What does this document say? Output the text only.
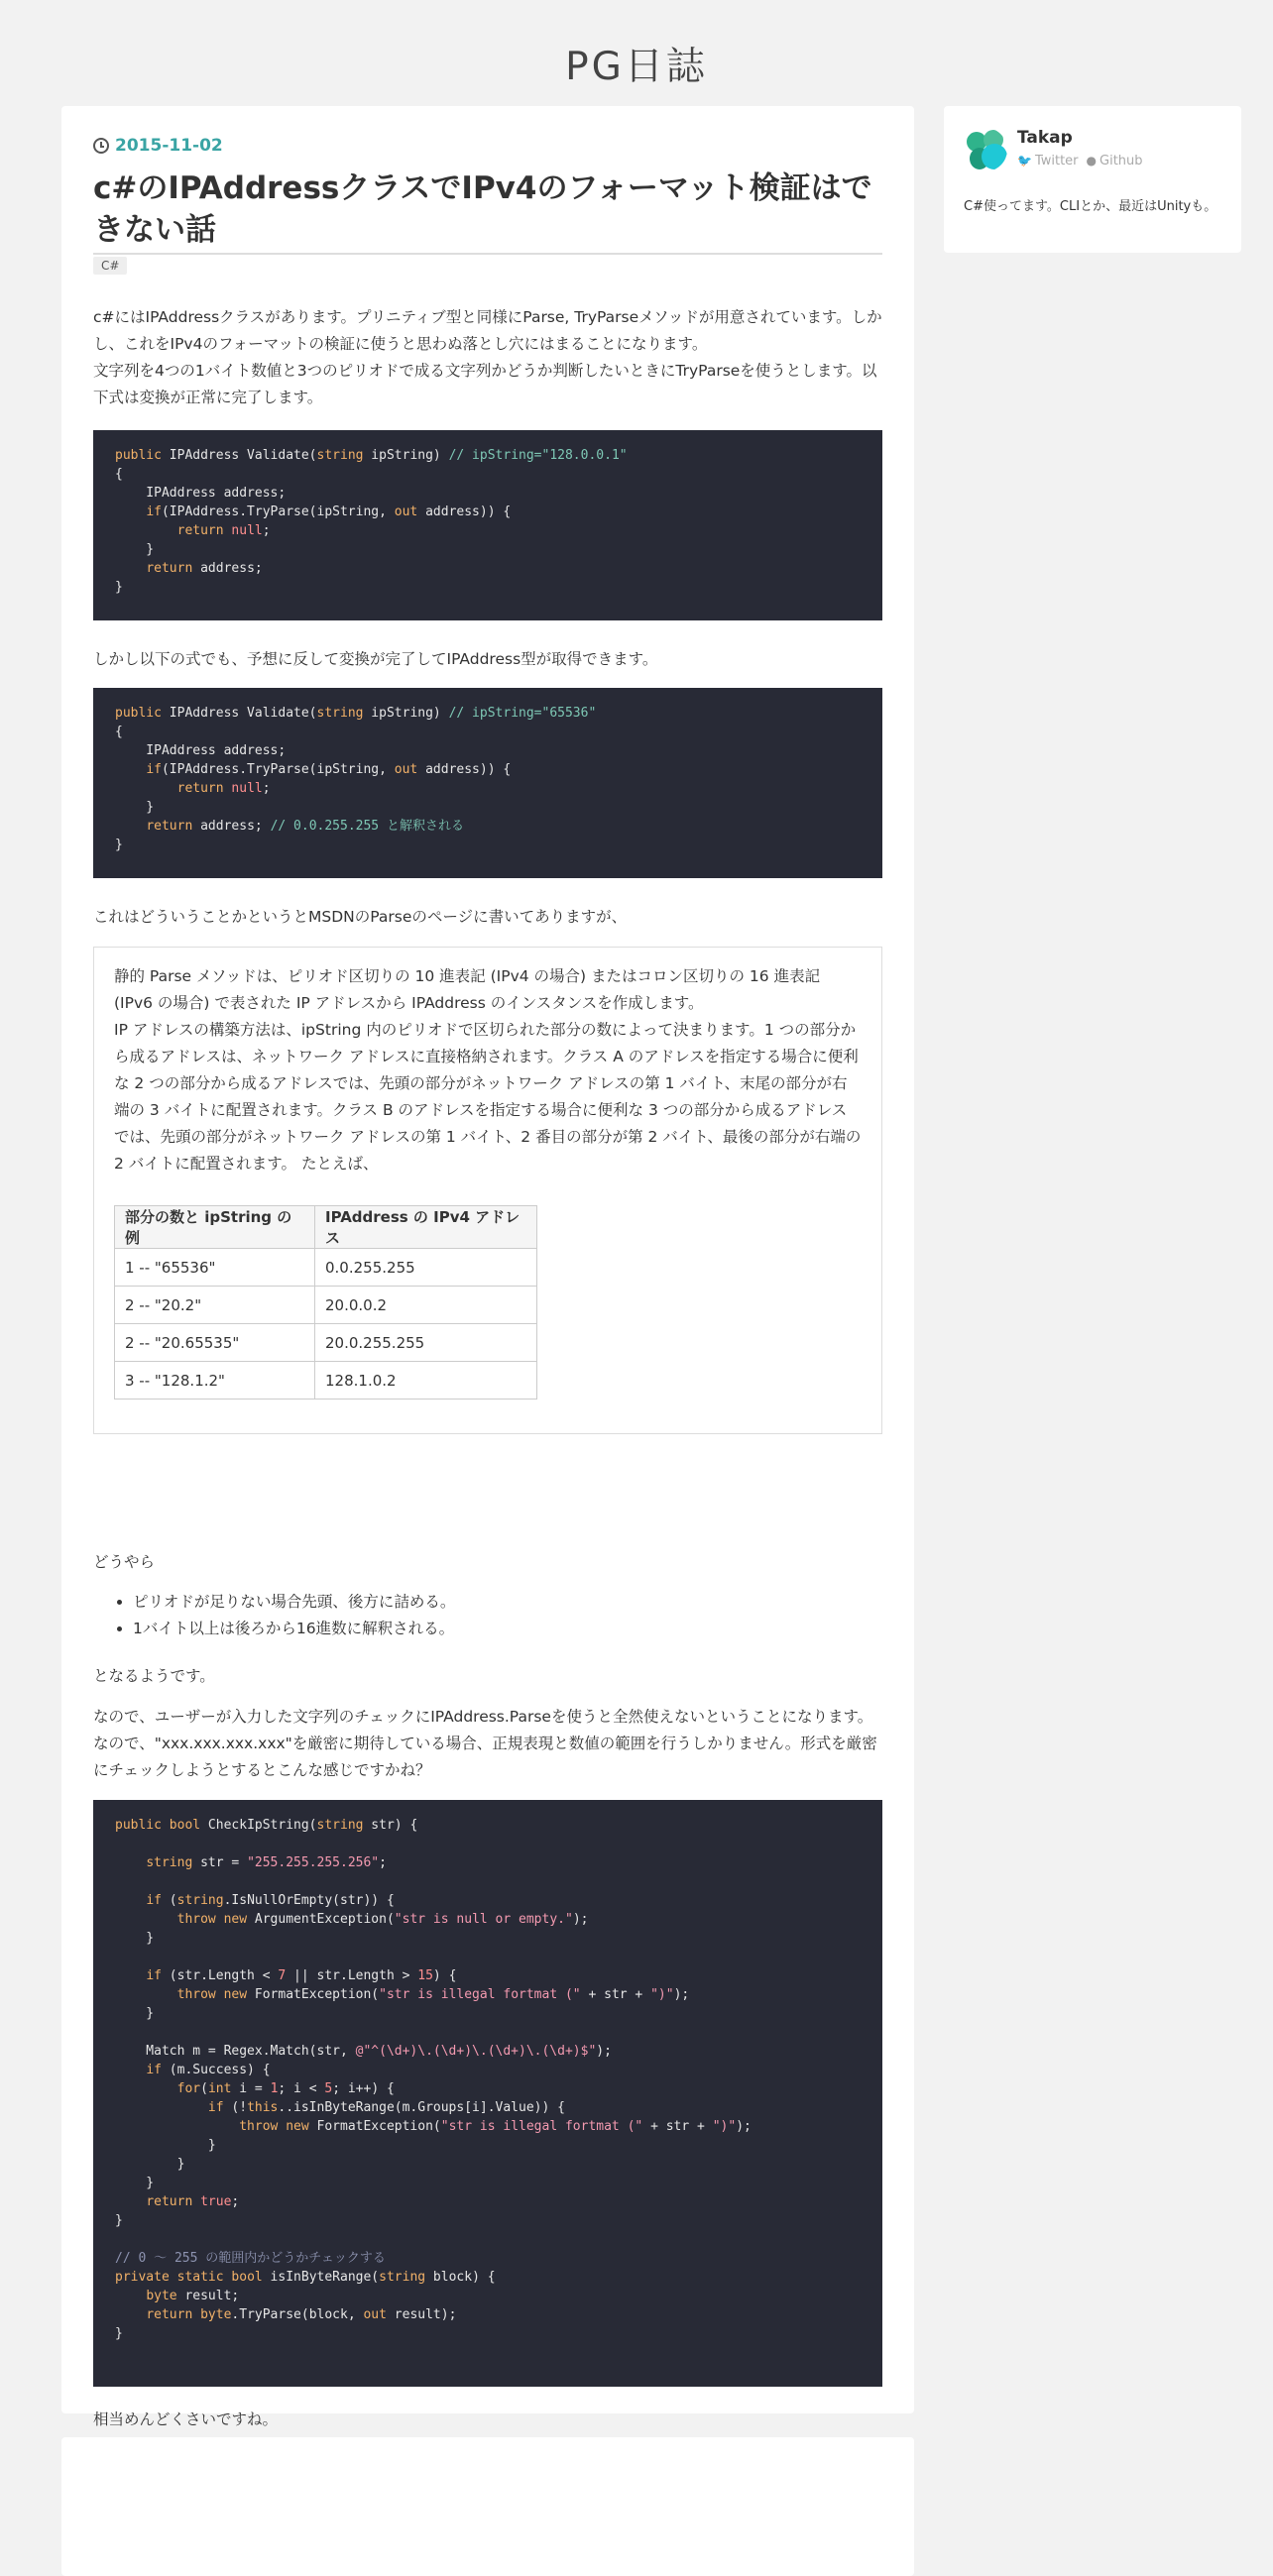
PG日誌
2015-11-02
c#のIPAddressクラスでIPv4のフォーマット検証はできない話
C#
c#にはIPAddressクラスがあります。プリニティブ型と同様にParse, TryParseメソッドが用意されています。しかし、これをIPv4のフォーマットの検証に使うと思わぬ落とし穴にはまることになります。
文字列を4つの1バイト数値と3つのピリオドで成る文字列かどうか判断したいときにTryParseを使うとします。以下式は変換が正常に完了します。
public IPAddress Validate(string ipString) // ipString="128.0.0.1"
{
IPAddress address;
if(IPAddress.TryParse(ipString, out address)) {
return null;
}
return address;
}
しかし以下の式でも、予想に反して変換が完了してIPAddress型が取得できます。
public IPAddress Validate(string ipString) // ipString="65536"
{
IPAddress address;
if(IPAddress.TryParse(ipString, out address)) {
return null;
}
return address; // 0.0.255.255 と解釈される
}
これはどういうことかというとMSDNのParseのページに書いてありますが、
静的 Parse メソッドは、ピリオド区切りの 10 進表記 (IPv4 の場合) またはコロン区切りの 16 進表記 (IPv6 の場合) で表された IP アドレスから IPAddress のインスタンスを作成します。
IP アドレスの構築方法は、ipString 内のピリオドで区切られた部分の数によって決まります。1 つの部分から成るアドレスは、ネットワーク アドレスに直接格納されます。クラス A のアドレスを指定する場合に便利な 2 つの部分から成るアドレスでは、先頭の部分がネットワーク アドレスの第 1 バイト、末尾の部分が右端の 3 バイトに配置されます。クラス B のアドレスを指定する場合に便利な 3 つの部分から成るアドレスでは、先頭の部分がネットワーク アドレスの第 1 バイト、2 番目の部分が第 2 バイト、最後の部分が右端の 2 バイトに配置されます。 たとえば、
部分の数と ipString の例	IPAddress の IPv4 アドレス
1 -- "65536"	0.0.255.255
2 -- "20.2"	20.0.0.2
2 -- "20.65535"	20.0.255.255
3 -- "128.1.2"	128.1.0.2
どうやら
• ピリオドが足りない場合先頭、後方に詰める。
• 1バイト以上は後ろから16進数に解釈される。
となるようです。
なので、ユーザーが入力した文字列のチェックにIPAddress.Parseを使うと全然使えないということになります。なので、"xxx.xxx.xxx.xxx"を厳密に期待している場合、正規表現と数値の範囲を行うしかりません。形式を厳密にチェックしようとするとこんな感じですかね？
public bool CheckIpString(string str) {

string str = "255.255.255.256";

if (string.IsNullOrEmpty(str)) {
throw new ArgumentException("str is null or empty.");
}

if (str.Length < 7 || str.Length > 15) {
throw new FormatException("str is illegal fortmat (" + str + ")");
}

Match m = Regex.Match(str, @"^(\d+)\.(\d+)\.(\d+)\.(\d+)$");
if (m.Success) {
for(int i = 1; i < 5; i++) {
if (!this..isInByteRange(m.Groups[i].Value)) {
throw new FormatException("str is illegal fortmat (" + str + ")");
}
}
}
return true;
}

// 0 ～ 255 の範囲内かどうかチェックする
private static bool isInByteRange(string block) {
byte result;
return byte.TryParse(block, out result);
}
相当めんどくさいですね。
Takap
🐦 Twitter ● Github
C#使ってます。CLIとか、最近はUnityも。
